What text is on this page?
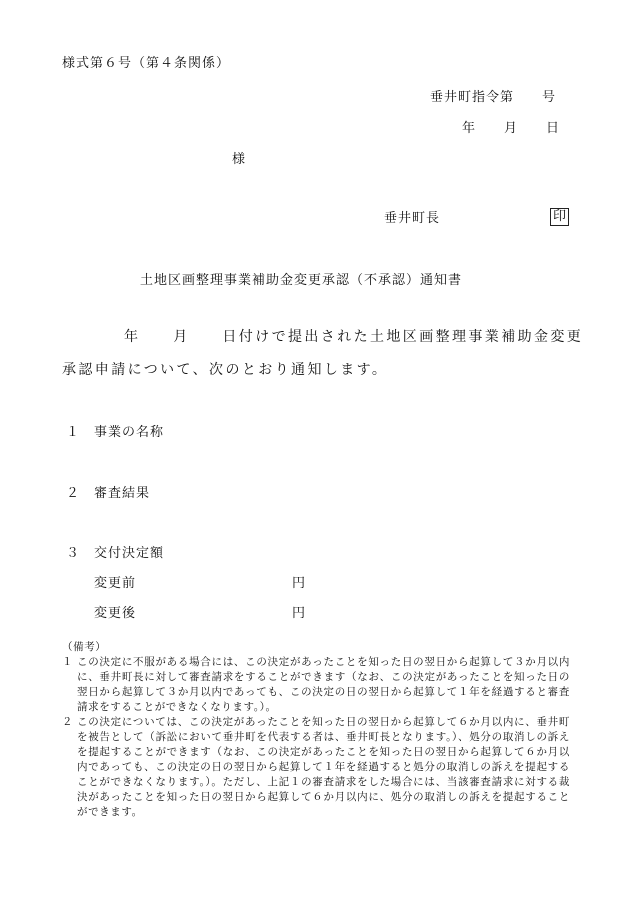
様式第６号（第４条関係）
垂井町指令第　　号
年　　月　　日
様
垂井町長	印
土地区画整理事業補助金変更承認（不承認）通知書
年　　月　　日付けで提出された土地区画整理事業補助金変更
承認申請について、次のとおり通知します。
１ 事業の名称
２ 審査結果
３ 交付決定額
変更前	円
変更後	円
（備考）
１ この決定に不服がある場合には、この決定があったことを知った日の翌日から起算して３か月以内に、垂井町長に対して審査請求をすることができます（なお、この決定があったことを知った日の翌日から起算して３か月以内であっても、この決定の日の翌日から起算して１年を経過すると審査請求をすることができなくなります。）。
２ この決定については、この決定があったことを知った日の翌日から起算して６か月以内に、垂井町を被告として（訴訟において垂井町を代表する者は、垂井町長となります。）、処分の取消しの訴えを提起することができます（なお、この決定があったことを知った日の翌日から起算して６か月以内であっても、この決定の日の翌日から起算して１年を経過すると処分の取消しの訴えを提起することができなくなります。）。ただし、上記１の審査請求をした場合には、当該審査請求に対する裁決があったことを知った日の翌日から起算して６か月以内に、処分の取消しの訴えを提起することができます。
